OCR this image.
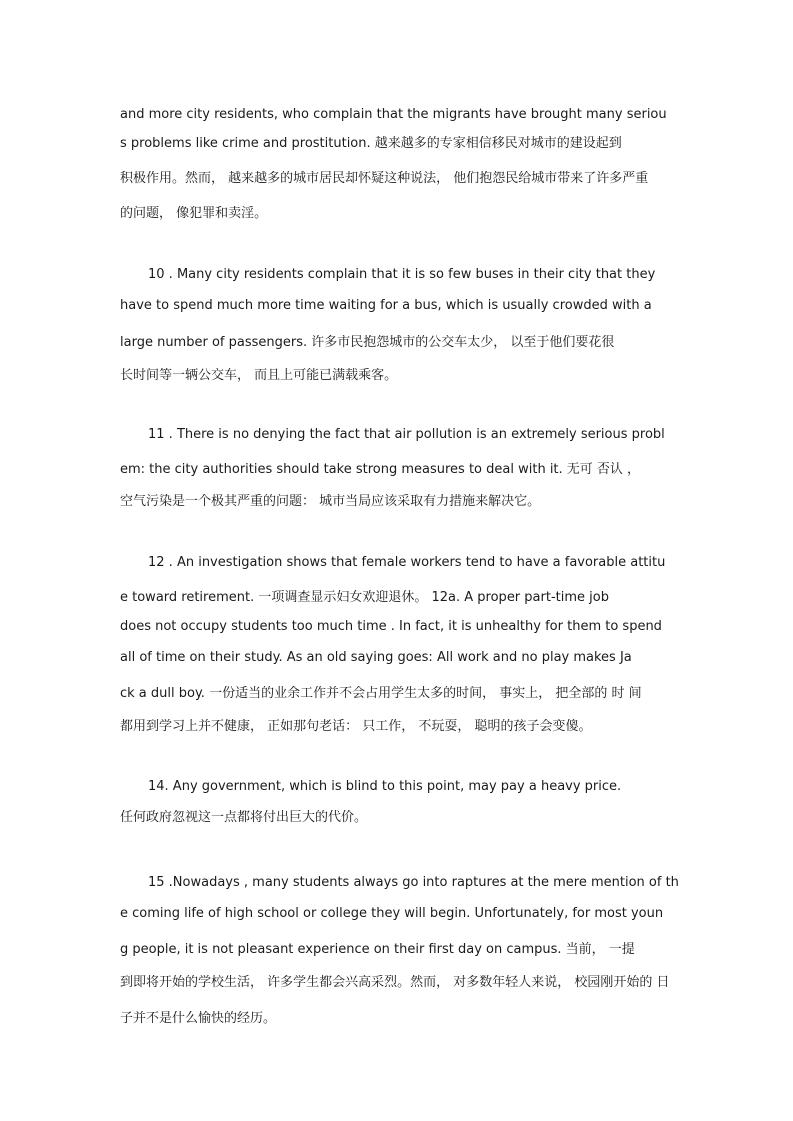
and more city residents, who complain that the migrants have brought many seriou
s problems like crime and prostitution. 越来越多的专家相信移民对城市的建设起到
积极作用。然而， 越来越多的城市居民却怀疑这种说法， 他们抱怨民给城市带来了许多严重
的问题， 像犯罪和卖淫。
10 . Many city residents complain that it is so few buses in their city that they
have to spend much more time waiting for a bus, which is usually crowded with a
large number of passengers. 许多市民抱怨城市的公交车太少， 以至于他们要花很
长时间等一辆公交车， 而且上可能已满载乘客。
11 . There is no denying the fact that air pollution is an extremely serious probl
em: the city authorities should take strong measures to deal with it. 无可 否认 ，
空气污染是一个极其严重的问题： 城市当局应该采取有力措施来解决它。
12 . An investigation shows that female workers tend to have a favorable attitu
e toward retirement. 一项调查显示妇女欢迎退休。 12a. A proper part-time job
does not occupy students too much time . In fact, it is unhealthy for them to spend
all of time on their study. As an old saying goes: All work and no play makes Ja
ck a dull boy. 一份适当的业余工作并不会占用学生太多的时间， 事实上， 把全部的 时 间
都用到学习上并不健康， 正如那句老话： 只工作， 不玩耍， 聪明的孩子会变傻。
14. Any government, which is blind to this point, may pay a heavy price.
任何政府忽视这一点都将付出巨大的代价。
15 .Nowadays , many students always go into raptures at the mere mention of th
e coming life of high school or college they will begin. Unfortunately, for most youn
g people, it is not pleasant experience on their first day on campus. 当前， 一提
到即将开始的学校生活， 许多学生都会兴高采烈。然而， 对多数年轻人来说， 校园刚开始的 日
子并不是什么愉快的经历。
